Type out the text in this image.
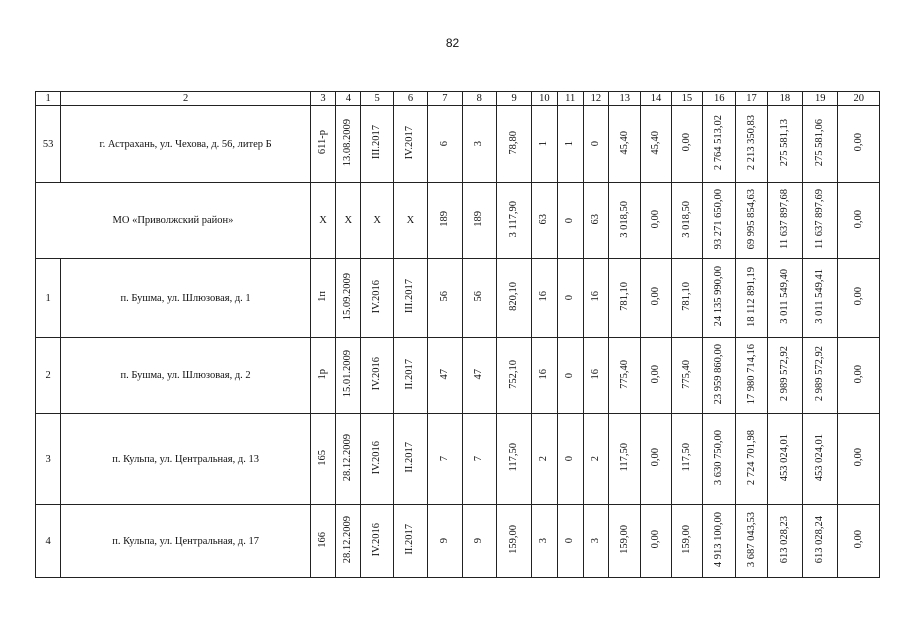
82
1	2	3	4	5	6	7	8	9	10	11	12	13	14	15	16	17	18	19	20
53	г. Астрахань, ул. Чехова, д. 56, литер Б	611-р	13.08.2009	III.2017	IV.2017	6	3	78,80	1	1	0	45,40	45,40	0,00	2 764 513,02	2 213 350,83	275 581,13	275 581,06	0,00
МО «Приволжский район»		Х	Х	Х	Х	189	189	3 117,90	63	0	63	3 018,50	0,00	3 018,50	93 271 650,00	69 995 854,63	11 637 897,68	11 637 897,69	0,00
1	п. Бушма, ул. Шлюзовая, д. 1	1п	15.09.2009	IV.2016	III.2017	56	56	820,10	16	0	16	781,10	0,00	781,10	24 135 990,00	18 112 891,19	3 011 549,40	3 011 549,41	0,00
2	п. Бушма, ул. Шлюзовая, д. 2	1р	15.01.2009	IV.2016	II.2017	47	47	752,10	16	0	16	775,40	0,00	775,40	23 959 860,00	17 980 714,16	2 989 572,92	2 989 572,92	0,00
3	п. Кульпа, ул. Центральная, д. 13	165	28.12.2009	IV.2016	II.2017	7	7	117,50	2	0	2	117,50	0,00	117,50	3 630 750,00	2 724 701,98	453 024,01	453 024,01	0,00
4	п. Кульпа, ул. Центральная, д. 17	166	28.12.2009	IV.2016	II.2017	9	9	159,00	3	0	3	159,00	0,00	159,00	4 913 100,00	3 687 043,53	613 028,23	613 028,24	0,00
